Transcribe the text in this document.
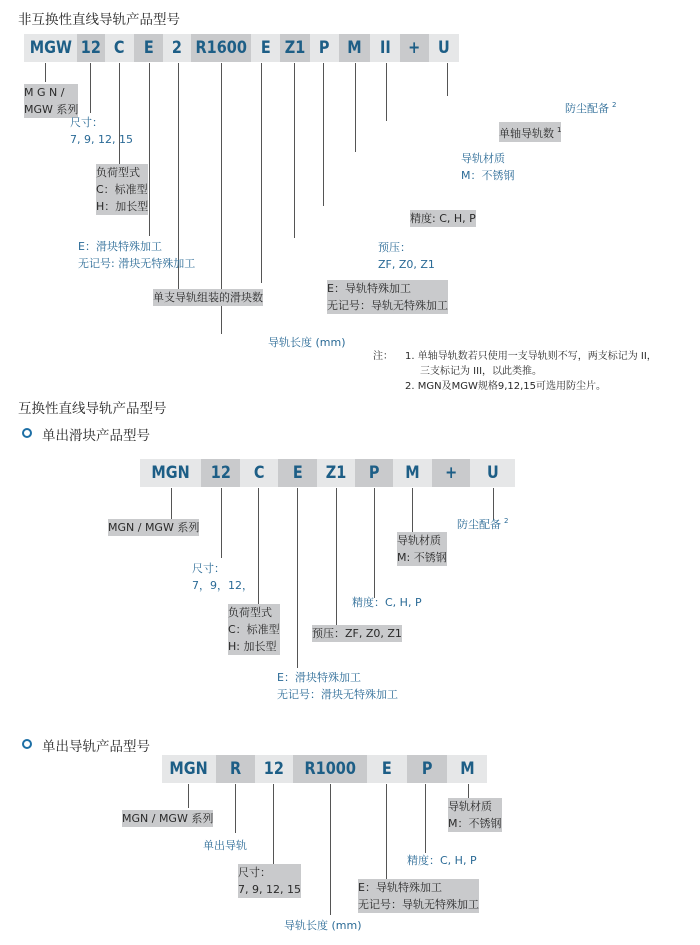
非互换性直线导轨产品型号
MGW 12 C E 2 R1600 E Z1 P M II + U
M G N /
MGW 系列
尺寸：
7, 9, 12, 15
负荷型式
C：标准型
H：加长型
E：滑块特殊加工
无记号: 滑块无特殊加工
单支导轨组装的滑块数
导轨长度 (mm)
E：导轨特殊加工
无记号：导轨无特殊加工
预压：
ZF, Z0, Z1
精度: C, H, P
导轨材质
M：不锈钢
单轴导轨数 $^1$
防尘配备 $^2$
互换性直线导轨产品型号
单出滑块产品型号
MGN 12 C E Z1 P M + U
MGN / MGW 系列
尺寸：
7，9，12，
负荷型式
C：标准型
H: 加长型
E：滑块特殊加工
无记号：滑块无特殊加工
预压：ZF, Z0, Z1
精度：C, H, P
导轨材质
M: 不锈钢
防尘配备 $^2$
单出导轨产品型号
MGN R 12 R1000 E P M
MGN / MGW 系列
单出导轨
尺寸：
7, 9, 12, 15
导轨长度 (mm)
E：导轨特殊加工
无记号：导轨无特殊加工
精度：C, H, P
导轨材质
M：不锈钢
注： 1. 单轴导轨数若只使用一支导轨则不写，两支标记为 II，
三支标记为 III，以此类推。
2. MGN及MGW规格9,12,15可选用防尘片。
